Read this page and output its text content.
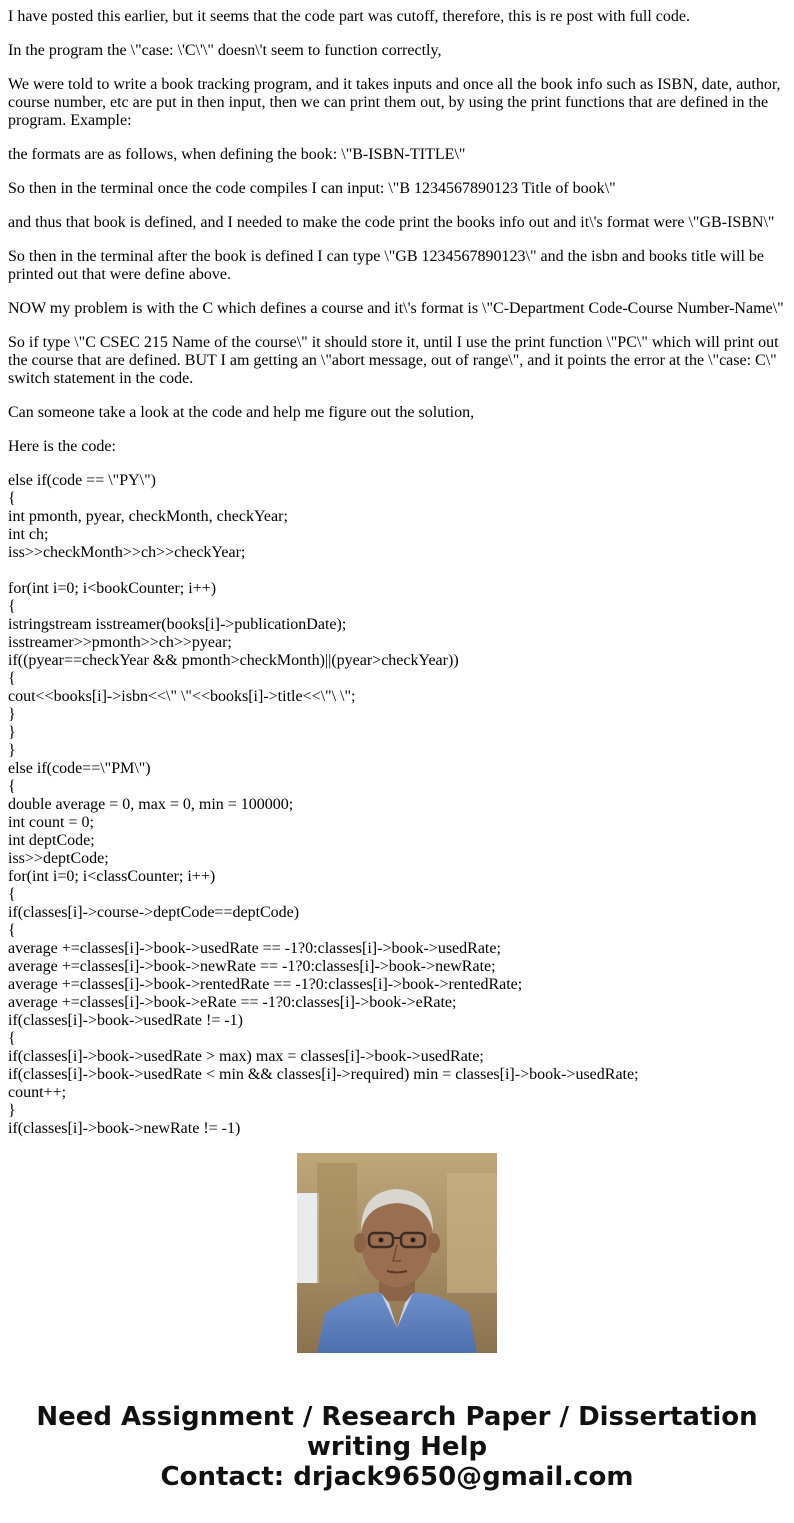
I have posted this earlier, but it seems that the code part was cutoff, therefore, this is re post with full code.

In the program the \"case: \'C\'\" doesn\'t seem to function correctly,

We were told to write a book tracking program, and it takes inputs and once all the book info such as ISBN, date, author, course number, etc are put in then input, then we can print them out, by using the print functions that are defined in the program. Example:

the formats are as follows, when defining the book: \"B-ISBN-TITLE\"

So then in the terminal once the code compiles I can input: \"B 1234567890123 Title of book\"

and thus that book is defined, and I needed to make the code print the books info out and it\'s format were \"GB-ISBN\"

So then in the terminal after the book is defined I can type \"GB 1234567890123\" and the isbn and books title will be printed out that were define above.

NOW my problem is with the C which defines a course and it\'s format is \"C-Department Code-Course Number-Name\"

So if type \"C CSEC 215 Name of the course\" it should store it, until I use the print function \"PC\" which will print out the course that are defined. BUT I am getting an \"abort message, out of range\", and it points the error at the \"case: C\" switch statement in the code.

Can someone take a look at the code and help me figure out the solution,

Here is the code:

else if(code == \"PY\")
{
int pmonth, pyear, checkMonth, checkYear;
int ch;
iss>>checkMonth>>ch>>checkYear;

for(int i=0; i<bookCounter; i++)
{
istringstream isstreamer(books[i]->publicationDate);
isstreamer>>pmonth>>ch>>pyear;
if((pyear==checkYear && pmonth>checkMonth)||(pyear>checkYear))
{
cout<<books[i]->isbn<<\" \"<<books[i]->title<<\"\ \";
}
}
}
else if(code==\"PM\")
{
double average = 0, max = 0, min = 100000;
int count = 0;
int deptCode;
iss>>deptCode;
for(int i=0; i<classCounter; i++)
{
if(classes[i]->course->deptCode==deptCode)
{
average +=classes[i]->book->usedRate == -1?0:classes[i]->book->usedRate;
average +=classes[i]->book->newRate == -1?0:classes[i]->book->newRate;
average +=classes[i]->book->rentedRate == -1?0:classes[i]->book->rentedRate;
average +=classes[i]->book->eRate == -1?0:classes[i]->book->eRate;
if(classes[i]->book->usedRate != -1)
{
if(classes[i]->book->usedRate > max) max = classes[i]->book->usedRate;
if(classes[i]->book->usedRate < min && classes[i]->required) min = classes[i]->book->usedRate;
count++;
}
if(classes[i]->book->newRate != -1)
Need Assignment / Research Paper / Dissertation
writing Help
Contact: drjack9650@gmail.com
